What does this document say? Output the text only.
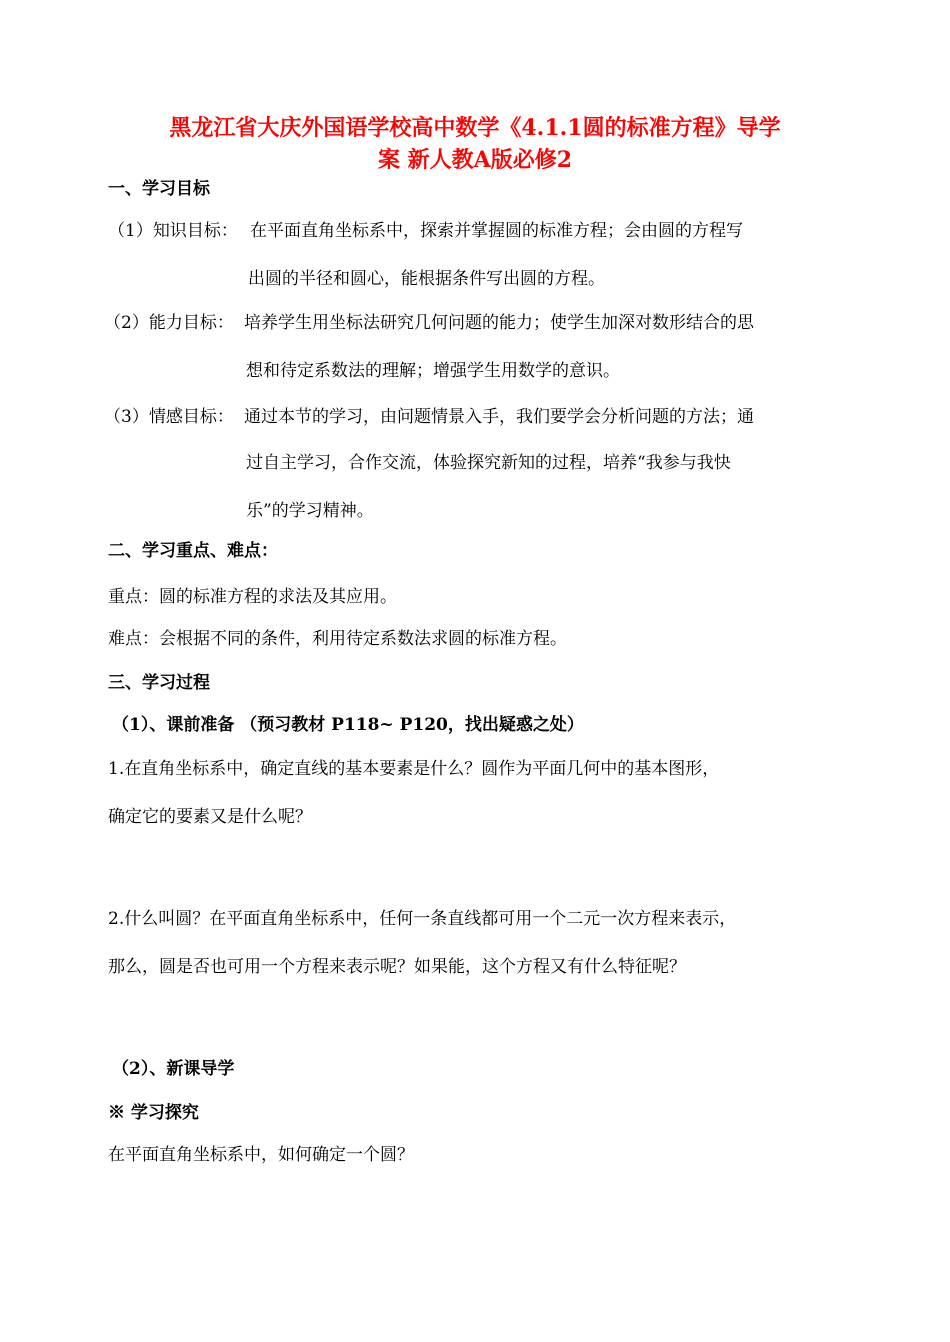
黑龙江省大庆外国语学校高中数学《4.1.1圆的标准方程》导学
案 新人教A版必修2
一、学习目标
（1）知识目标： 在平面直角坐标系中，探索并掌握圆的标准方程；会由圆的方程写
出圆的半径和圆心，能根据条件写出圆的方程。
（2）能力目标： 培养学生用坐标法研究几何问题的能力；使学生加深对数形结合的思
想和待定系数法的理解；增强学生用数学的意识。
（3）情感目标： 通过本节的学习，由问题情景入手，我们要学会分析问题的方法；通
过自主学习，合作交流，体验探究新知的过程，培养“我参与我快
乐”的学习精神。
二、学习重点、难点：
重点：圆的标准方程的求法及其应用。
难点：会根据不同的条件，利用待定系数法求圆的标准方程。
三、学习过程
（1）、课前准备 （预习教材 P118~ P120，找出疑惑之处）
1.在直角坐标系中，确定直线的基本要素是什么？圆作为平面几何中的基本图形，
确定它的要素又是什么呢？
2.什么叫圆？在平面直角坐标系中，任何一条直线都可用一个二元一次方程来表示，
那么，圆是否也可用一个方程来表示呢？如果能，这个方程又有什么特征呢？
（2）、新课导学
※ 学习探究
在平面直角坐标系中，如何确定一个圆？
